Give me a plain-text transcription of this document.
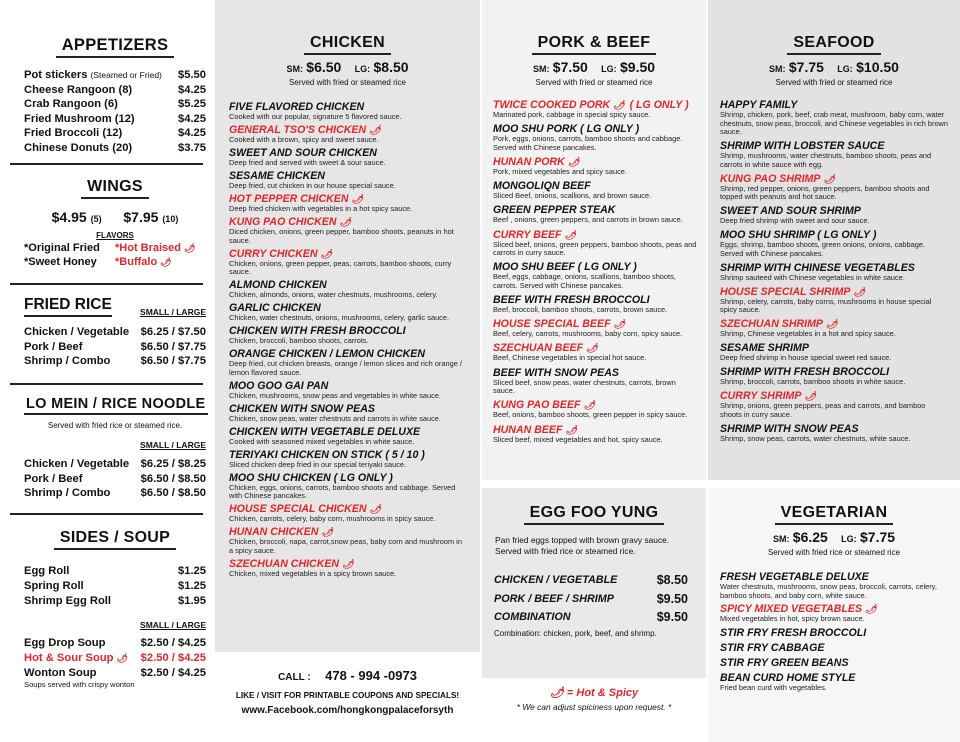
APPETIZERS
Pot stickers (Steamed or Fried) $5.50
Cheese Rangoon (8)	$4.25
Crab Rangoon (6)	$5.25
Fried Mushroom (12)	$4.25
Fried Broccoli (12)	$4.25
Chinese Donuts (20)	$3.75
WINGS
$4.95 (5) $7.95 (10)
FLAVORS
*Original Fried	*Hot Braised 🌶︎
*Sweet Honey	*Buffalo 🌶︎
FRIED RICE	SMALL / LARGE
Chicken / Vegetable $6.25 / $7.50
Pork / Beef	$6.50 / $7.75
Shrimp / Combo	$6.50 / $7.75
LO MEIN / RICE NOODLE
Served with fried rice or steamed rice.
SMALL / LARGE
Chicken / Vegetable $6.25 / $8.25
Pork / Beef	$6.50 / $8.50
Shrimp / Combo	$6.50 / $8.50
SIDES / SOUP
Egg Roll	$1.25
Spring Roll	$1.25
Shrimp Egg Roll	$1.95
SMALL / LARGE
Egg Drop Soup	$2.50 / $4.25
Hot & Sour Soup 🌶︎ $2.50 / $4.25
Wonton Soup	$2.50 / $4.25
Soups served with crispy wonton
CHICKEN
SM: $6.50 LG: $8.50
Served with fried or steamed rice
FIVE FLAVORED CHICKEN
Cooked with our popular, signature 5 flavored sauce.
GENERAL TSO'S CHICKEN 🌶︎
Cooked with a brown, spicy and sweet sauce.
SWEET AND SOUR CHICKEN
Deep fried and served with sweet & sour sauce.
SESAME CHICKEN
Deep fried, cut chicken in our house special sauce.
HOT PEPPER CHICKEN 🌶︎
Deep fried chicken with vegetables in a hot spicy sauce.
KUNG PAO CHICKEN 🌶︎
Diced chicken, onions, green pepper, bamboo shoots, peanuts in hot sauce.
CURRY CHICKEN 🌶︎
Chicken, onions, green pepper, peas, carrots, bamboo shoots, curry sauce.
ALMOND CHICKEN
Chicken, almonds, onions, water chestnuts, mushrooms, celery.
GARLIC CHICKEN
Chicken, water chestnuts, onions, mushrooms, celery, garlic sauce.
CHICKEN WITH FRESH BROCCOLI
Chicken, broccoli, bamboo shoots, carrots.
ORANGE CHICKEN / LEMON CHICKEN
Deep fried, cut chicken breasts, orange / lemon slices and rich orange / lemon flavored sauce.
MOO GOO GAI PAN
Chicken, mushrooms, snow peas and vegetables in white sauce.
CHICKEN WITH SNOW PEAS
Chicken, snow peas, water chestnuts and carrots in white sauce.
CHICKEN WITH VEGETABLE DELUXE
Cooked with seasoned mixed vegetables in white sauce.
TERIYAKI CHICKEN ON STICK ( 5 / 10 )
Sliced chicken deep fried in our special teriyaki sauce.
MOO SHU CHICKEN ( LG ONLY )
Chicken, eggs, onions, carrots, bamboo shoots and cabbage. Served with Chinese pancakes.
HOUSE SPECIAL CHICKEN 🌶︎
Chicken, carrots, celery, baby corn, mushrooms in spicy sauce.
HUNAN CHICKEN 🌶︎
Chicken, broccoli, napa, carrot,snow peas, baby corn and mushroom in a spicy sauce.
SZECHUAN CHICKEN 🌶︎
Chicken, mixed vegetables in a spicy brown sauce.
CALL : 478 - 994 -0973
LIKE / VISIT FOR PRINTABLE COUPONS AND SPECIALS!
www.Facebook.com/hongkongpalaceforsyth
PORK & BEEF
SM: $7.50 LG: $9.50
Served with fried or steamed rice
TWICE COOKED PORK 🌶︎ ( LG ONLY )
Marinated pork, cabbage in special spicy sauce.
MOO SHU PORK ( LG ONLY )
Pork, eggs, onions, carrots, bamboo shoots and cabbage. Served with Chinese pancakes.
HUNAN PORK 🌶︎
Pork, mixed vegetables and spicy sauce.
MONGOLIQN BEEF
Sliced Beef, onions, scallions, and brown sauce.
GREEN PEPPER STEAK
Beef , onions, green peppers, and carrots in brown sauce.
CURRY BEEF 🌶︎
Sliced beef, onions, green peppers, bamboo shoots, peas and carrots in curry sauce.
MOO SHU BEEF ( LG ONLY )
Beef, eggs, cabbage, onions, scallions, bamboo shoots, carrots. Served with Chinese pancakes.
BEEF WITH FRESH BROCCOLI
Beef, broccoli, bamboo shoots, carrots, brown sauce.
HOUSE SPECIAL BEEF 🌶︎
Beef, celery, carrots, mushrooms, baby corn, spicy sauce.
SZECHUAN BEEF 🌶︎
Beef, Chinese vegetables in special hot sauce.
BEEF WITH SNOW PEAS
Sliced beef, snow peas, water chestnuts, carrots, brown sauce.
KUNG PAO BEEF 🌶︎
Beef, onions, bamboo shoots, green pepper in spicy sauce.
HUNAN BEEF 🌶︎
Sliced beef, mixed vegetables and hot, spicy sauce.
SEAFOOD
SM: $7.75 LG: $10.50
Served with fried or steamed rice
HAPPY FAMILY
Shrimp, chicken, pork, beef, crab meat, mushroom, baby corn, water chestnuts, snow peas, broccoli, and Chinese vegetables in rich brown sauce.
SHRIMP WITH LOBSTER SAUCE
Shrimp, mushrooms, water chestnuts, bamboo shoots, peas and carrots in white sauce with egg.
KUNG PAO SHRIMP 🌶︎
Shrimp, red pepper, onions, green peppers, bamboo shoots and topped with peanuts and hot sauce.
SWEET AND SOUR SHRIMP
Deep fried shrimp with sweet and sour sauce.
MOO SHU SHRIMP ( LG ONLY )
Eggs, shrimp, bamboo shoots, green onions, onions, cabbage. Served with Chinese pancakes.
SHRIMP WITH CHINESE VEGETABLES
Shrimp sauteed with Chinese vegetables in white sauce.
HOUSE SPECIAL SHRIMP 🌶︎
Shrimp, celery, carrots, baby corns, mushrooms in house special spicy sauce.
SZECHUAN SHRIMP 🌶︎
Shrimp, Chinese vegetables in a hot and spicy sauce.
SESAME SHRIMP
Deep fried shrimp in house special sweet red sauce.
SHRIMP WITH FRESH BROCCOLI
Shrimp, broccoli, carrots, bamboo shoots in white sauce.
CURRY SHRIMP 🌶︎
Shrimp, onions, green peppers, peas and carrots, and bamboo shoots in curry sauce.
SHRIMP WITH SNOW PEAS
Shrimp, snow peas, carrots, water chestnuts, white sauce.
EGG FOO YUNG
Pan fried eggs topped with brown gravy sauce. Served with fried rice or steamed rice.
CHICKEN / VEGETABLE	$8.50
PORK / BEEF / SHRIMP	$9.50
COMBINATION	$9.50
Combination: chicken, pork, beef, and shrimp.
🌶︎ = Hot & Spicy
* We can adjust spiciness upon request. *
VEGETARIAN
SM: $6.25 LG: $7.75
Served with fried rice or steamed rice
FRESH VEGETABLE DELUXE
Water chestnuts, mushrooms, snow peas, broccoli, carrots, celery, bamboo shoots, and baby corn, white sauce.
SPICY MIXED VEGETABLES 🌶︎
Mixed vegetables in hot, spicy brown sauce.
STIR FRY FRESH BROCCOLI
STIR FRY CABBAGE
STIR FRY GREEN BEANS
BEAN CURD HOME STYLE
Fried bean curd with vegetables.
